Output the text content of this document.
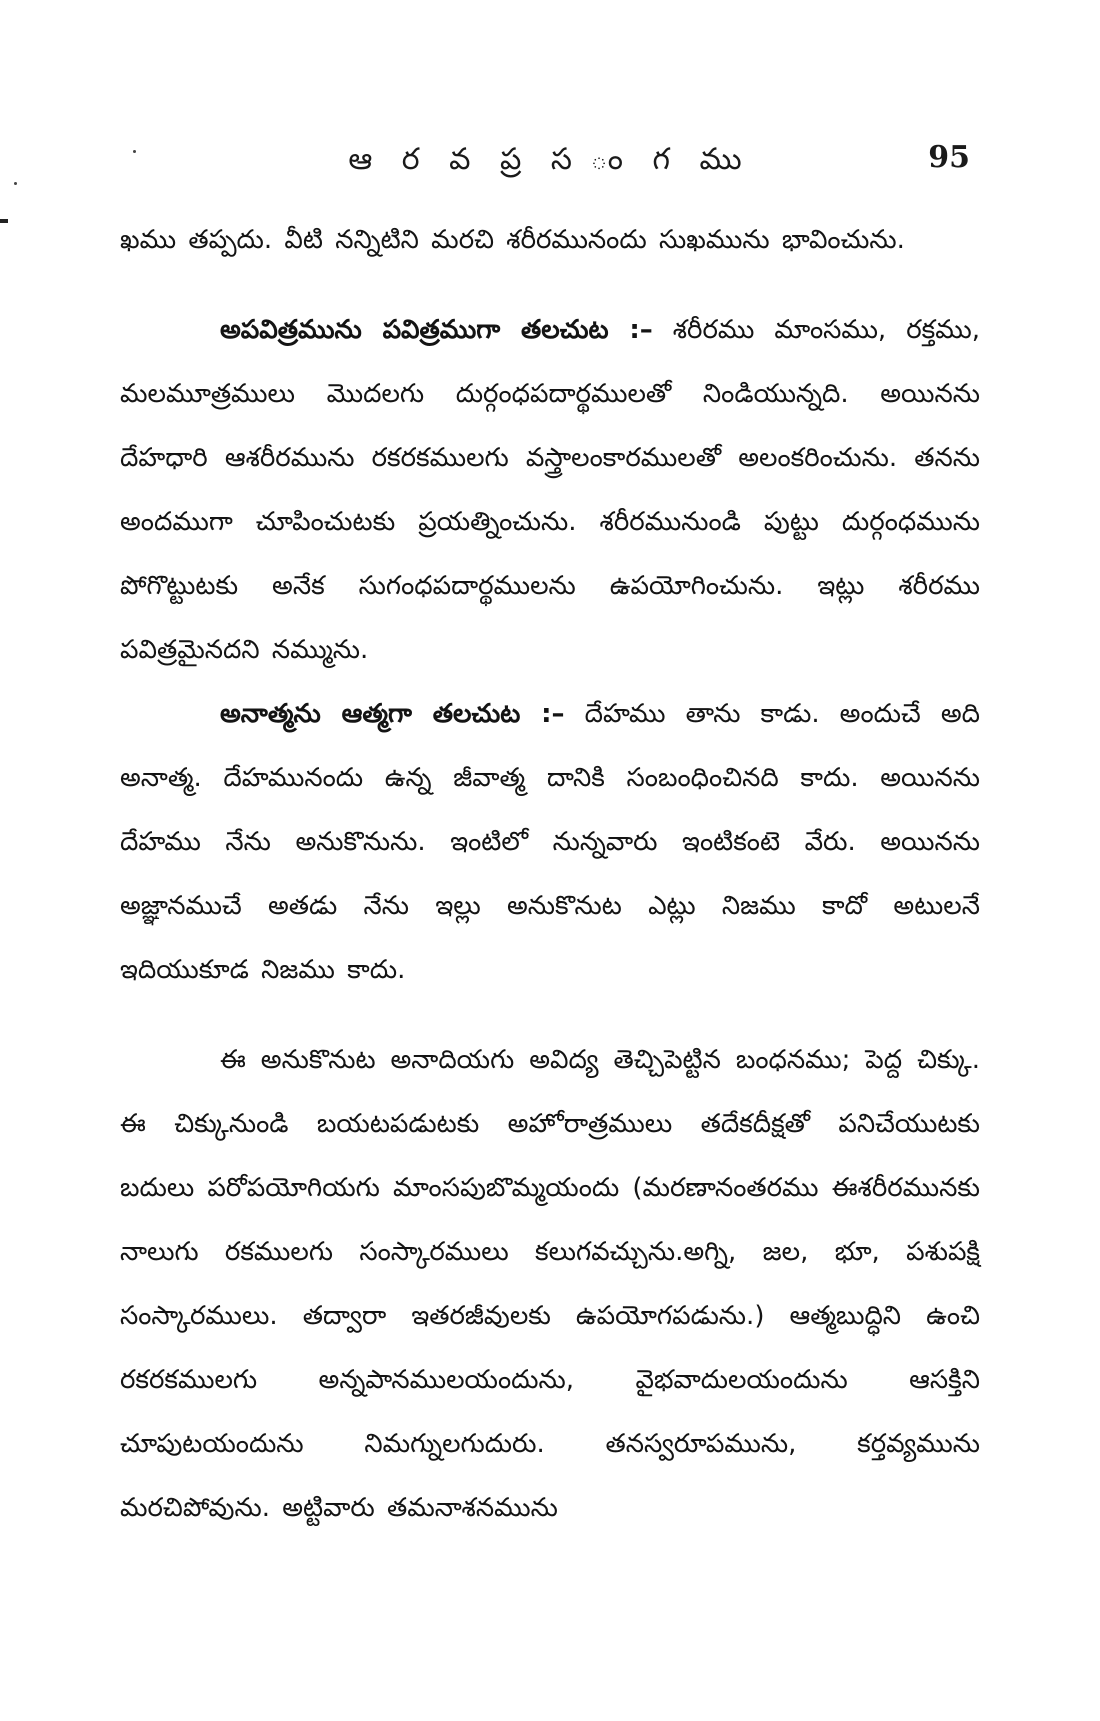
ఆ ర వ ప్ర స ం గ ము	95

ఖము తప్పదు. వీటి నన్నిటిని మరచి శరీరమునందు సుఖమును భావించును.

అపవిత్రమును పవిత్రముగా తలచుట :– శరీరము మాంసము, రక్తము, మలమూత్రములు మొదలగు దుర్గంధపదార్థములతో నిండియున్నది. అయినను దేహధారి ఆశరీరమును రకరకములగు వస్త్రాలంకారములతో అలంకరించును. తనను అందముగా చూపించుటకు ప్రయత్నించును. శరీరమునుండి పుట్టు దుర్గంధమును పోగొట్టుటకు అనేక సుగంధపదార్థములను ఉపయోగించును. ఇట్లు శరీరము పవిత్రమైనదని నమ్మును.

అనాత్మను ఆత్మగా తలచుట :– దేహము తాను కాడు. అందుచే అది అనాత్మ. దేహమునందు ఉన్న జీవాత్మ దానికి సంబంధించినది కాదు. అయినను దేహము నేను అనుకొనును. ఇంటిలో నున్నవారు ఇంటికంటె వేరు. అయినను అజ్ఞానముచే అతడు నేను ఇల్లు అనుకొనుట ఎట్లు నిజము కాదో అటులనే ఇదియుకూడ నిజము కాదు.

ఈ అనుకొనుట అనాదియగు అవిద్య తెచ్చిపెట్టిన బంధనము; పెద్ద చిక్కు. ఈ చిక్కునుండి బయటపడుటకు అహోరాత్రములు తదేకదీక్షతో పనిచేయుటకు బదులు పరోపయోగియగు మాంసపుబొమ్మయందు (మరణానంతరము ఈశరీరమునకు నాలుగు రకములగు సంస్కారములు కలుగవచ్చును.అగ్ని, జల, భూ, పశుపక్షి సంస్కారములు. తద్వారా ఇతరజీవులకు ఉపయోగపడును.) ఆత్మబుద్ధిని ఉంచి రకరకములగు అన్నపానములయందును, వైభవాదులయందును ఆసక్తిని చూపుటయందును నిమగ్నులగుదురు. తనస్వరూపమును, కర్తవ్యమును మరచిపోవును. అట్టివారు తమనాశనమును
